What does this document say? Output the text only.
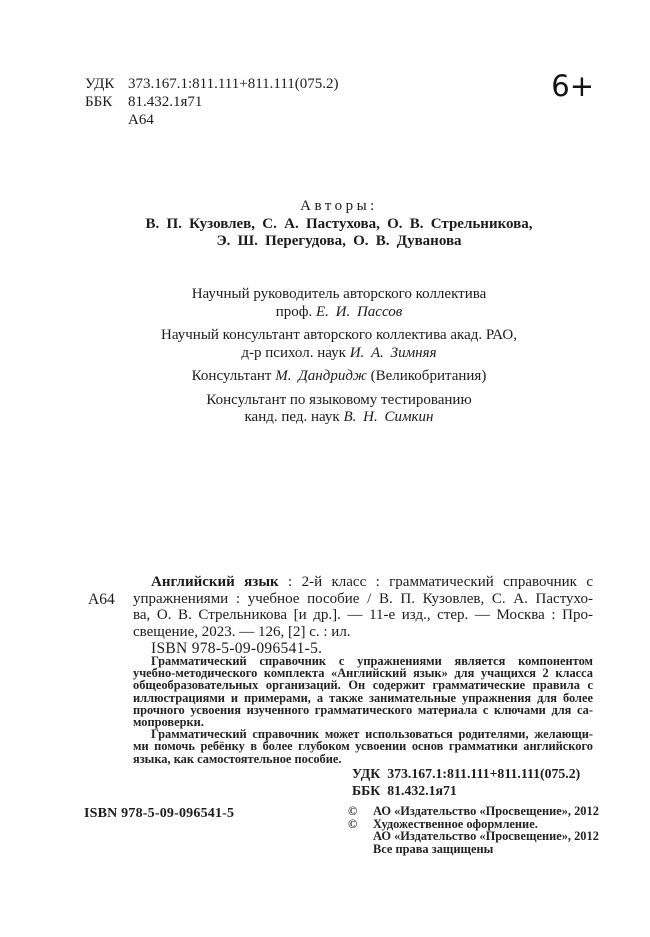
УДК 373.167.1:811.111+811.111(075.2)
ББК	81.432.1я71
А64
6+
Авторы:
В. П. Кузовлев, С. А. Пастухова, О. В. Стрельникова,
Э. Ш. Перегудова, О. В. Дуванова
Научный руководитель авторского коллектива
проф. Е. И. Пассов
Научный консультант авторского коллектива акад. РАО,
д-р психол. наук И. А. Зимняя
Консультант М. Дандридж (Великобритания)
Консультант по языковому тестированию
канд. пед. наук В. Н. Симкин
А64
Английский язык : 2-й класс : грамматический справочник с
упражнениями : учебное пособие / В. П. Кузовлев, С. А. Пастухо-
ва, О. В. Стрельникова [и др.]. — 11-е изд., стер. — Москва : Про-
свещение, 2023. — 126, [2] с. : ил.
ISBN 978-5-09-096541-5.
Грамматический справочник с упражнениями является компонентом
учебно-методического комплекта «Английский язык» для учащихся 2 класса
общеобразовательных организаций. Он содержит грамматические правила с
иллюстрациями и примерами, а также занимательные упражнения для более
прочного усвоения изученного грамматического материала с ключами для са-
мопроверки.
Грамматический справочник может использоваться родителями, желающи-
ми помочь ребёнку в более глубоком усвоении основ грамматики английского
языка, как самостоятельное пособие.
УДК 373.167.1:811.111+811.111(075.2)
ББК 81.432.1я71
ISBN 978-5-09-096541-5	©	АО «Издательство «Просвещение», 2012
©	Художественное оформление.
АО «Издательство «Просвещение», 2012
Все права защищены
